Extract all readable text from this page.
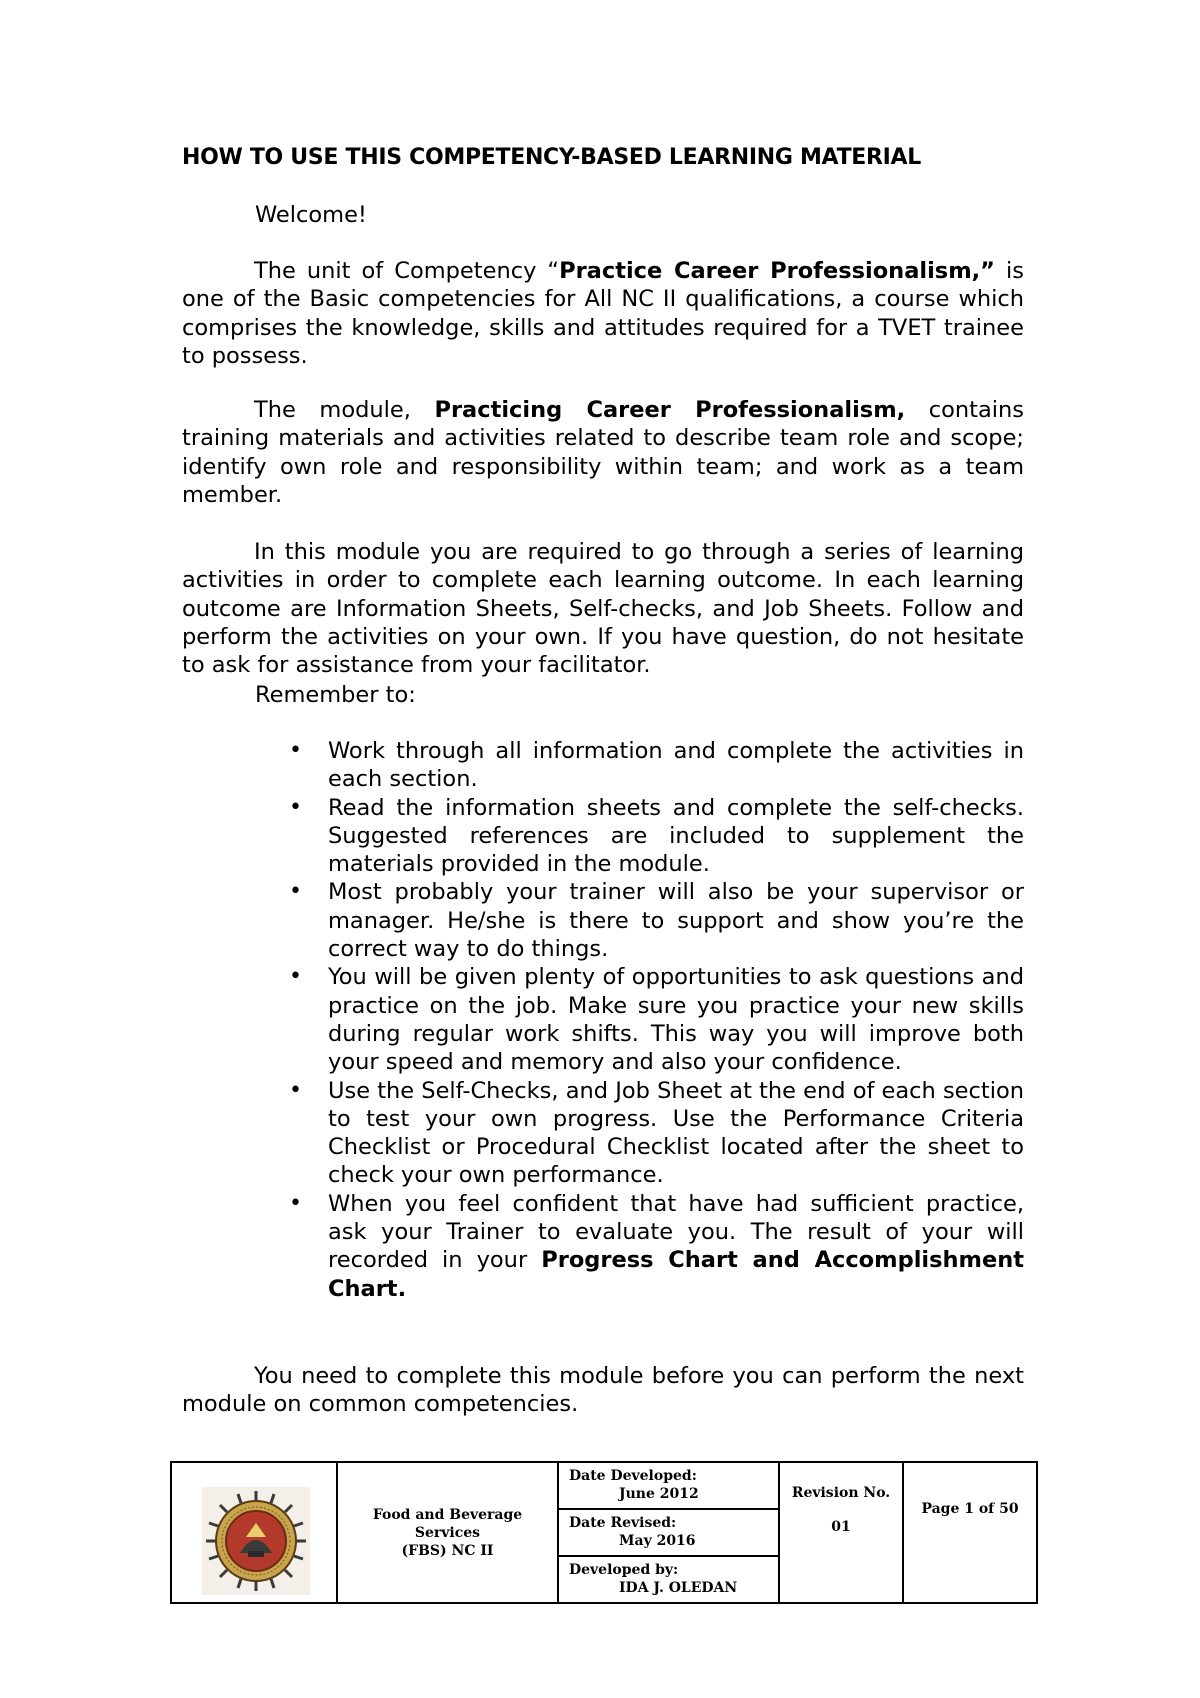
HOW TO USE THIS COMPETENCY-BASED LEARNING MATERIAL
Welcome!
The unit of Competency “Practice Career Professionalism,” is one of the Basic competencies for All NC II qualifications, a course which comprises the knowledge, skills and attitudes required for a TVET trainee to possess.
The module, Practicing Career Professionalism, contains training materials and activities related to describe team role and scope; identify own role and responsibility within team; and work as a team member.
In this module you are required to go through a series of learning activities in order to complete each learning outcome. In each learning outcome are Information Sheets, Self-checks, and Job Sheets. Follow and perform the activities on your own. If you have question, do not hesitate to ask for assistance from your facilitator.
Remember to:
• Work through all information and complete the activities in each section.
• Read the information sheets and complete the self-checks. Suggested references are included to supplement the materials provided in the module.
• Most probably your trainer will also be your supervisor or manager. He/she is there to support and show you’re the correct way to do things.
• You will be given plenty of opportunities to ask questions and practice on the job. Make sure you practice your new skills during regular work shifts. This way you will improve both your speed and memory and also your confidence.
• Use the Self-Checks, and Job Sheet at the end of each section to test your own progress. Use the Performance Criteria Checklist or Procedural Checklist located after the sheet to check your own performance.
• When you feel confident that have had sufficient practice, ask your Trainer to evaluate you. The result of your will recorded in your Progress Chart and Accomplishment Chart.
You need to complete this module before you can perform the next module on common competencies.
Food and Beverage Services
(FBS) NC II
Date Developed:
June 2012
Date Revised:
May 2016
Developed by:
IDA J. OLEDAN
Revision No.
01
Page 1 of 50
